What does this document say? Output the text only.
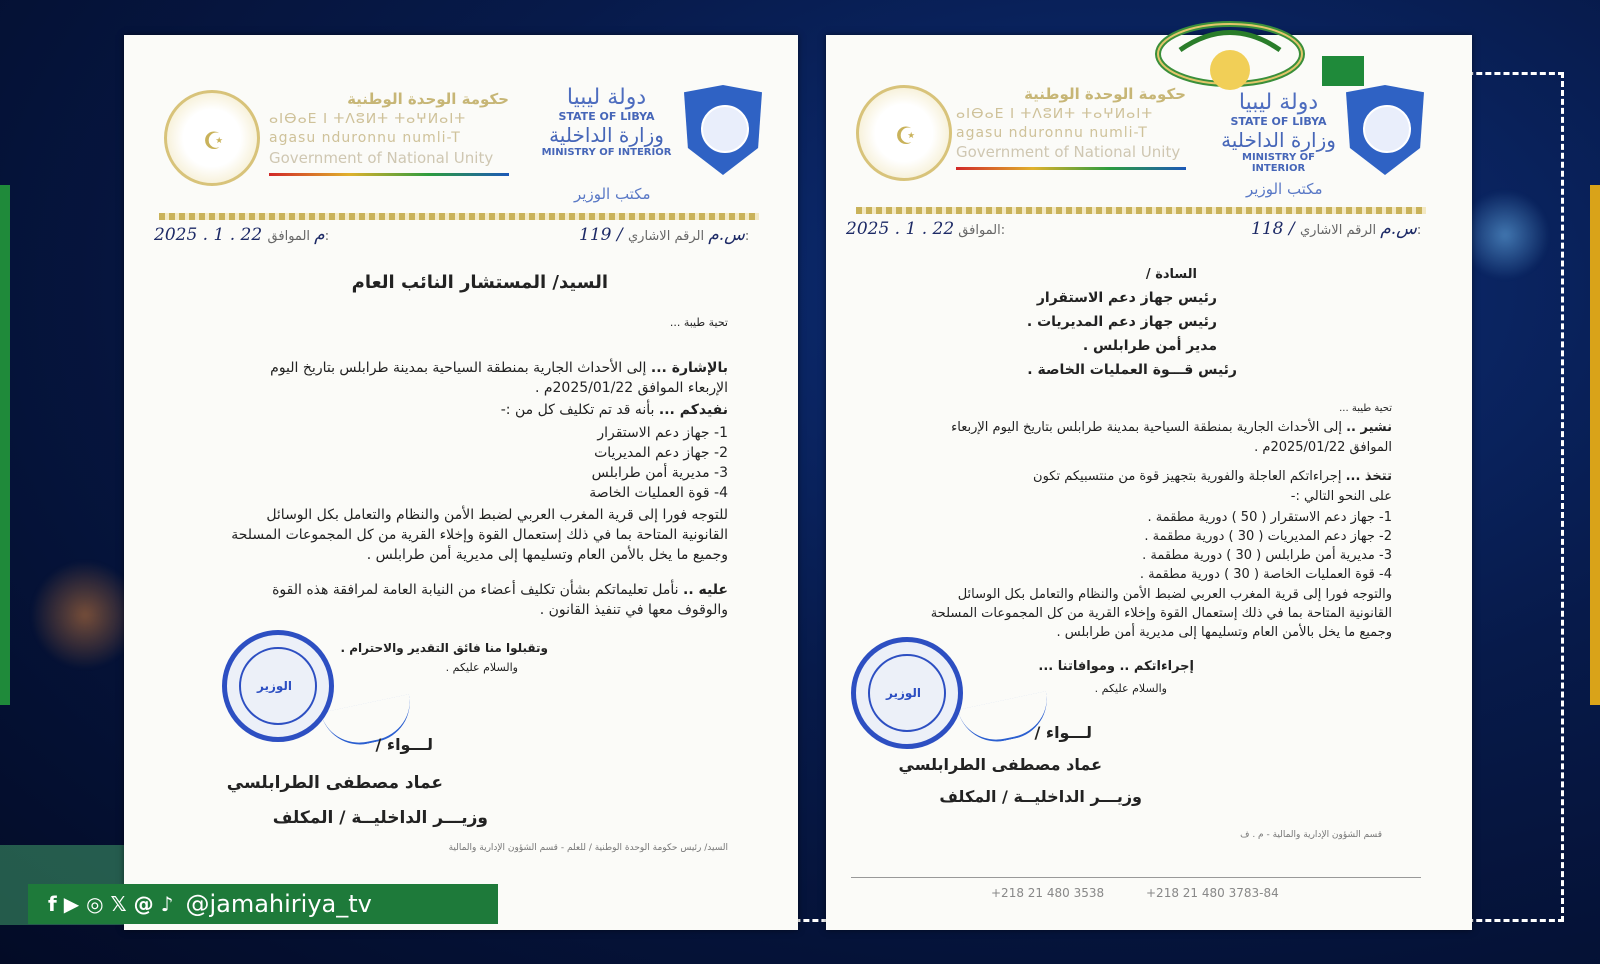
☪
حكومة الوحدة الوطنية
ⴰⵏⴱⴰⴹ ⵏ ⵜⴷⵓⵍⵜ ⵜⴰⵖⵍⴰⵏⵜ
agasu nduronnu numli-T
Government of National Unity
دولة ليبيا
STATE OF LIBYA
وزارة الداخلية
MINISTRY OF INTERIOR
مكتب الوزير
2025 . 1 . 22 م الموافق:	119 / س.م الرقم الاشاري:
السيد/ المستشار النائب العام
تحية طيبة ...
بالإشارة ... إلى الأحداث الجارية بمنطقة السياحية بمدينة طرابلس بتاريخ اليوم
الإربعاء الموافق 2025/01/22م .
نفيدكم ... بأنه قد تم تكليف كل من :-
1- جهاز دعم الاستقرار
2- جهاز دعم المديريات
3- مديرية أمن طرابلس
4- قوة العمليات الخاصة
للتوجه فورا إلى قرية المغرب العربي لضبط الأمن والنظام والتعامل بكل الوسائل
القانونية المتاحة بما في ذلك إستعمال القوة وإخلاء القرية من كل المجموعات المسلحة
وجميع ما يخل بالأمن العام وتسليمها إلى مديرية أمن طرابلس .
عليه .. نأمل تعليماتكم بشأن تكليف أعضاء من النيابة العامة لمرافقة هذه القوة
والوقوف معها في تنفيذ القانون .
وتقبلوا منا فائق التقدير والاحترام .
والسلام عليكم .
الوزير
لـــواء /
عماد مصطفى الطرابلسي
وزيـــر الداخليــة / المكلف
السيد/ رئيس حكومة الوحدة الوطنية / للعلم - قسم الشؤون الإدارية والمالية
☪
حكومة الوحدة الوطنية
ⴰⵏⴱⴰⴹ ⵏ ⵜⴷⵓⵍⵜ ⵜⴰⵖⵍⴰⵏⵜ
agasu nduronnu numli-T
Government of National Unity
دولة ليبيا
STATE OF LIBYA
وزارة الداخلية
MINISTRY OF INTERIOR
مكتب الوزير
2025 . 1 . 22 الموافق:	118 / س.م الرقم الاشاري:
السادة /
رئيس جهاز دعم الاستقرار
رئيس جهاز دعم المديريات .
مدير أمن طرابلس .
رئيس قـــوة العمليات الخاصة .
تحية طيبة ...
نشير .. إلى الأحداث الجارية بمنطقة السياحية بمدينة طرابلس بتاريخ اليوم الإربعاء
الموافق 2025/01/22م .
تتخذ ... إجراءاتكم العاجلة والفورية بتجهيز قوة من منتسبيكم تكون
على النحو التالي :-
1- جهاز دعم الاستقرار ( 50 ) دورية مطقمة .
2- جهاز دعم المديريات ( 30 ) دورية مطقمة .
3- مديرية أمن طرابلس ( 30 ) دورية مطقمة .
4- قوة العمليات الخاصة ( 30 ) دورية مطقمة .
والتوجه فورا إلى قرية المغرب العربي لضبط الأمن والنظام والتعامل بكل الوسائل
القانونية المتاحة بما في ذلك إستعمال القوة وإخلاء القرية من كل المجموعات المسلحة
وجميع ما يخل بالأمن العام وتسليمها إلى مديرية أمن طرابلس .
إجراءاتكم .. وموافاتنا ...
والسلام عليكم .
الوزير
لـــواء /
عماد مصطفى الطرابلسي
وزيـــر الداخليــة / المكلف
قسم الشؤون الإدارية والمالية - م . ف
+218 21 480 3538	+218 21 480 3783-84
f ▶ ◎ 𝕏 @ ♪ @jamahiriya_tv
